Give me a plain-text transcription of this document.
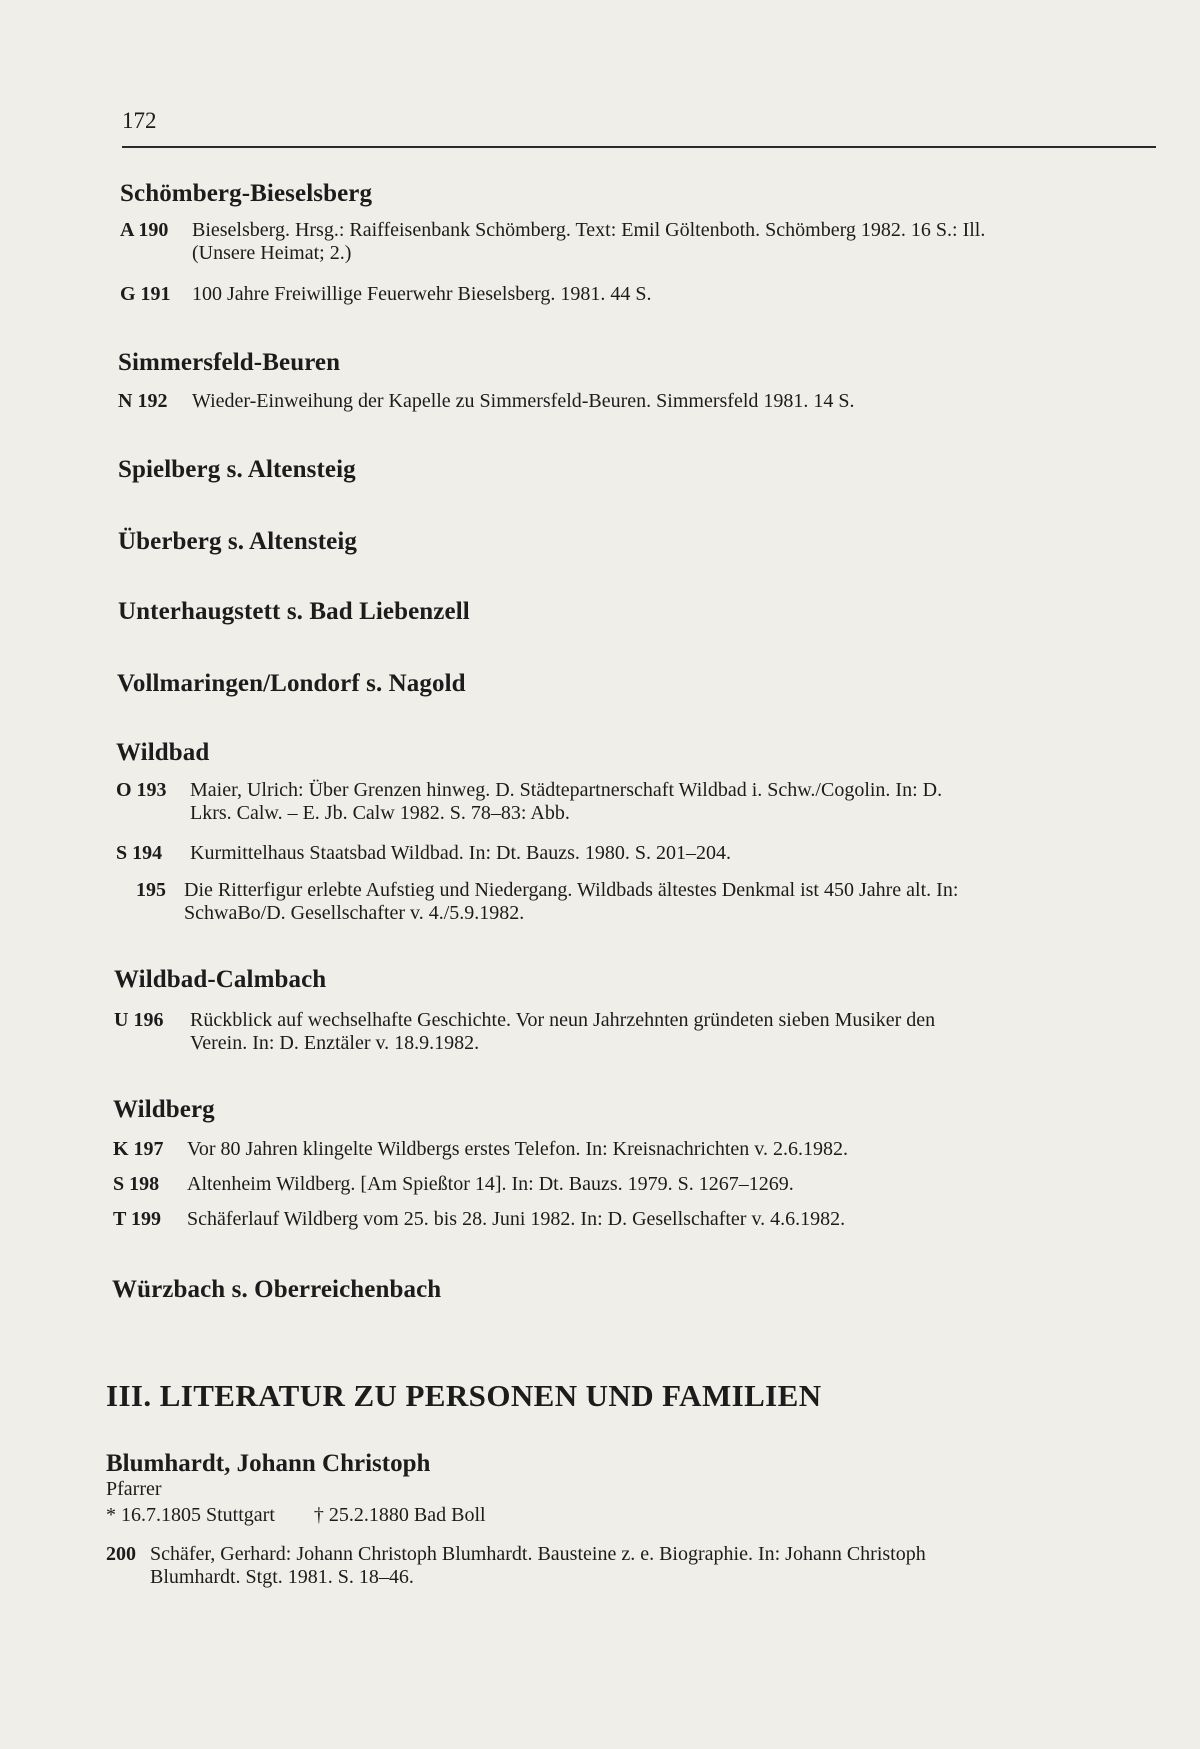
172
Schömberg-Bieselsberg
A 190	Bieselsberg. Hrsg.: Raiffeisenbank Schömberg. Text: Emil Göltenboth. Schömberg 1982. 16 S.: Ill.
(Unsere Heimat; 2.)
G 191	100 Jahre Freiwillige Feuerwehr Bieselsberg. 1981. 44 S.
Simmersfeld-Beuren
N 192	Wieder-Einweihung der Kapelle zu Simmersfeld-Beuren. Simmersfeld 1981. 14 S.
Spielberg s. Altensteig
Überberg s. Altensteig
Unterhaugstett s. Bad Liebenzell
Vollmaringen/Londorf s. Nagold
Wildbad
O 193	Maier, Ulrich: Über Grenzen hinweg. D. Städtepartnerschaft Wildbad i. Schw./Cogolin. In: D.
Lkrs. Calw. – E. Jb. Calw 1982. S. 78–83: Abb.
S 194	Kurmittelhaus Staatsbad Wildbad. In: Dt. Bauzs. 1980. S. 201–204.
195 Die Ritterfigur erlebte Aufstieg und Niedergang. Wildbads ältestes Denkmal ist 450 Jahre alt. In:
SchwaBo/D. Gesellschafter v. 4./5.9.1982.
Wildbad-Calmbach
U 196	Rückblick auf wechselhafte Geschichte. Vor neun Jahrzehnten gründeten sieben Musiker den
Verein. In: D. Enztäler v. 18.9.1982.
Wildberg
K 197	Vor 80 Jahren klingelte Wildbergs erstes Telefon. In: Kreisnachrichten v. 2.6.1982.
S 198	Altenheim Wildberg. [Am Spießtor 14]. In: Dt. Bauzs. 1979. S. 1267–1269.
T 199	Schäferlauf Wildberg vom 25. bis 28. Juni 1982. In: D. Gesellschafter v. 4.6.1982.
Würzbach s. Oberreichenbach
III. LITERATUR ZU PERSONEN UND FAMILIEN
Blumhardt, Johann Christoph
Pfarrer
* 16.7.1805 Stuttgart † 25.2.1880 Bad Boll
200 Schäfer, Gerhard: Johann Christoph Blumhardt. Bausteine z. e. Biographie. In: Johann Christoph
Blumhardt. Stgt. 1981. S. 18–46.
